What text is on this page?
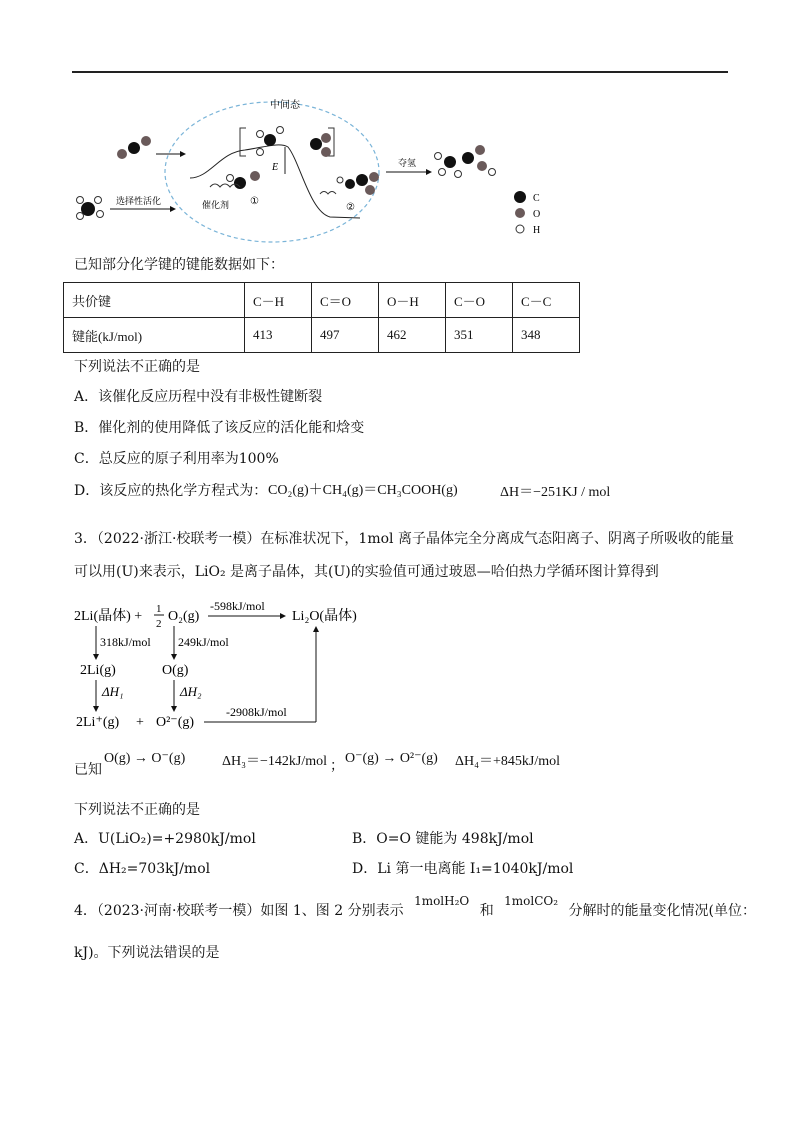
中间态
选择性活化
E
催化剂 ①
②
夺氢
C
O
H
已知部分化学键的键能数据如下：
共价键	C－H	C＝O	O－H	C－O	C－C
键能(kJ/mol)	413	497	462	351	348
下列说法不正确的是
A．该催化反应历程中没有非极性键断裂
B．催化剂的使用降低了该反应的活化能和焓变
C．总反应的原子利用率为100%
D．该反应的热化学方程式为： CO₂(g)＋CH₄(g)＝CH₃COOH(g)	ΔH＝−251KJ / mol
3．（2022·浙江·校联考一模）在标准状况下，1mol 离子晶体完全分离成气态阳离子、阴离子所吸收的能量
可以用(U)来表示，LiO₂ 是离子晶体，其(U)的实验值可通过玻恩—哈伯热力学循环图计算得到
2Li(晶体) + 1
2 O₂(g)
-598kJ/mol
Li₂O(晶体)
318kJ/mol 249kJ/mol
2Li(g)	O(g)
ΔH₁	ΔH₂
2Li⁺(g) + O²⁻(g)
-2908kJ/mol
已知
O(g) → O⁻(g)	ΔH₃＝−142kJ/mol ； O⁻(g) → O²⁻(g) ΔH₄＝+845kJ/mol
下列说法不正确的是
A．U(LiO₂)=+2980kJ/mol	B．O=O 键能为 498kJ/mol
C．ΔH₂=703kJ/mol	D．Li 第一电离能 I₁=1040kJ/mol
4．（2023·河南·校联考一模）如图 1、图 2 分别表示 1molH₂O 和 1molCO₂ 分解时的能量变化情况(单位：
kJ)。下列说法错误的是
